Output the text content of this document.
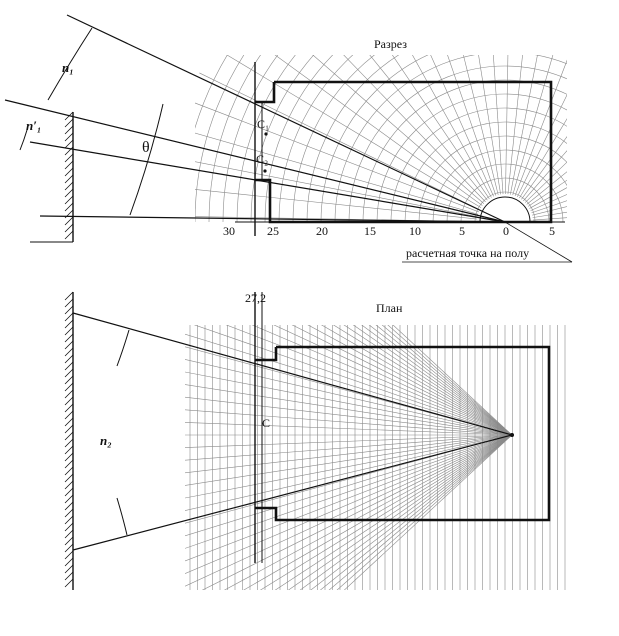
Разрез
n₁
n′₁
θ
C₁
C₂
30	25	20	15	10	5	0	5
расчетная точка на полу
План
27,2
n₂
C
